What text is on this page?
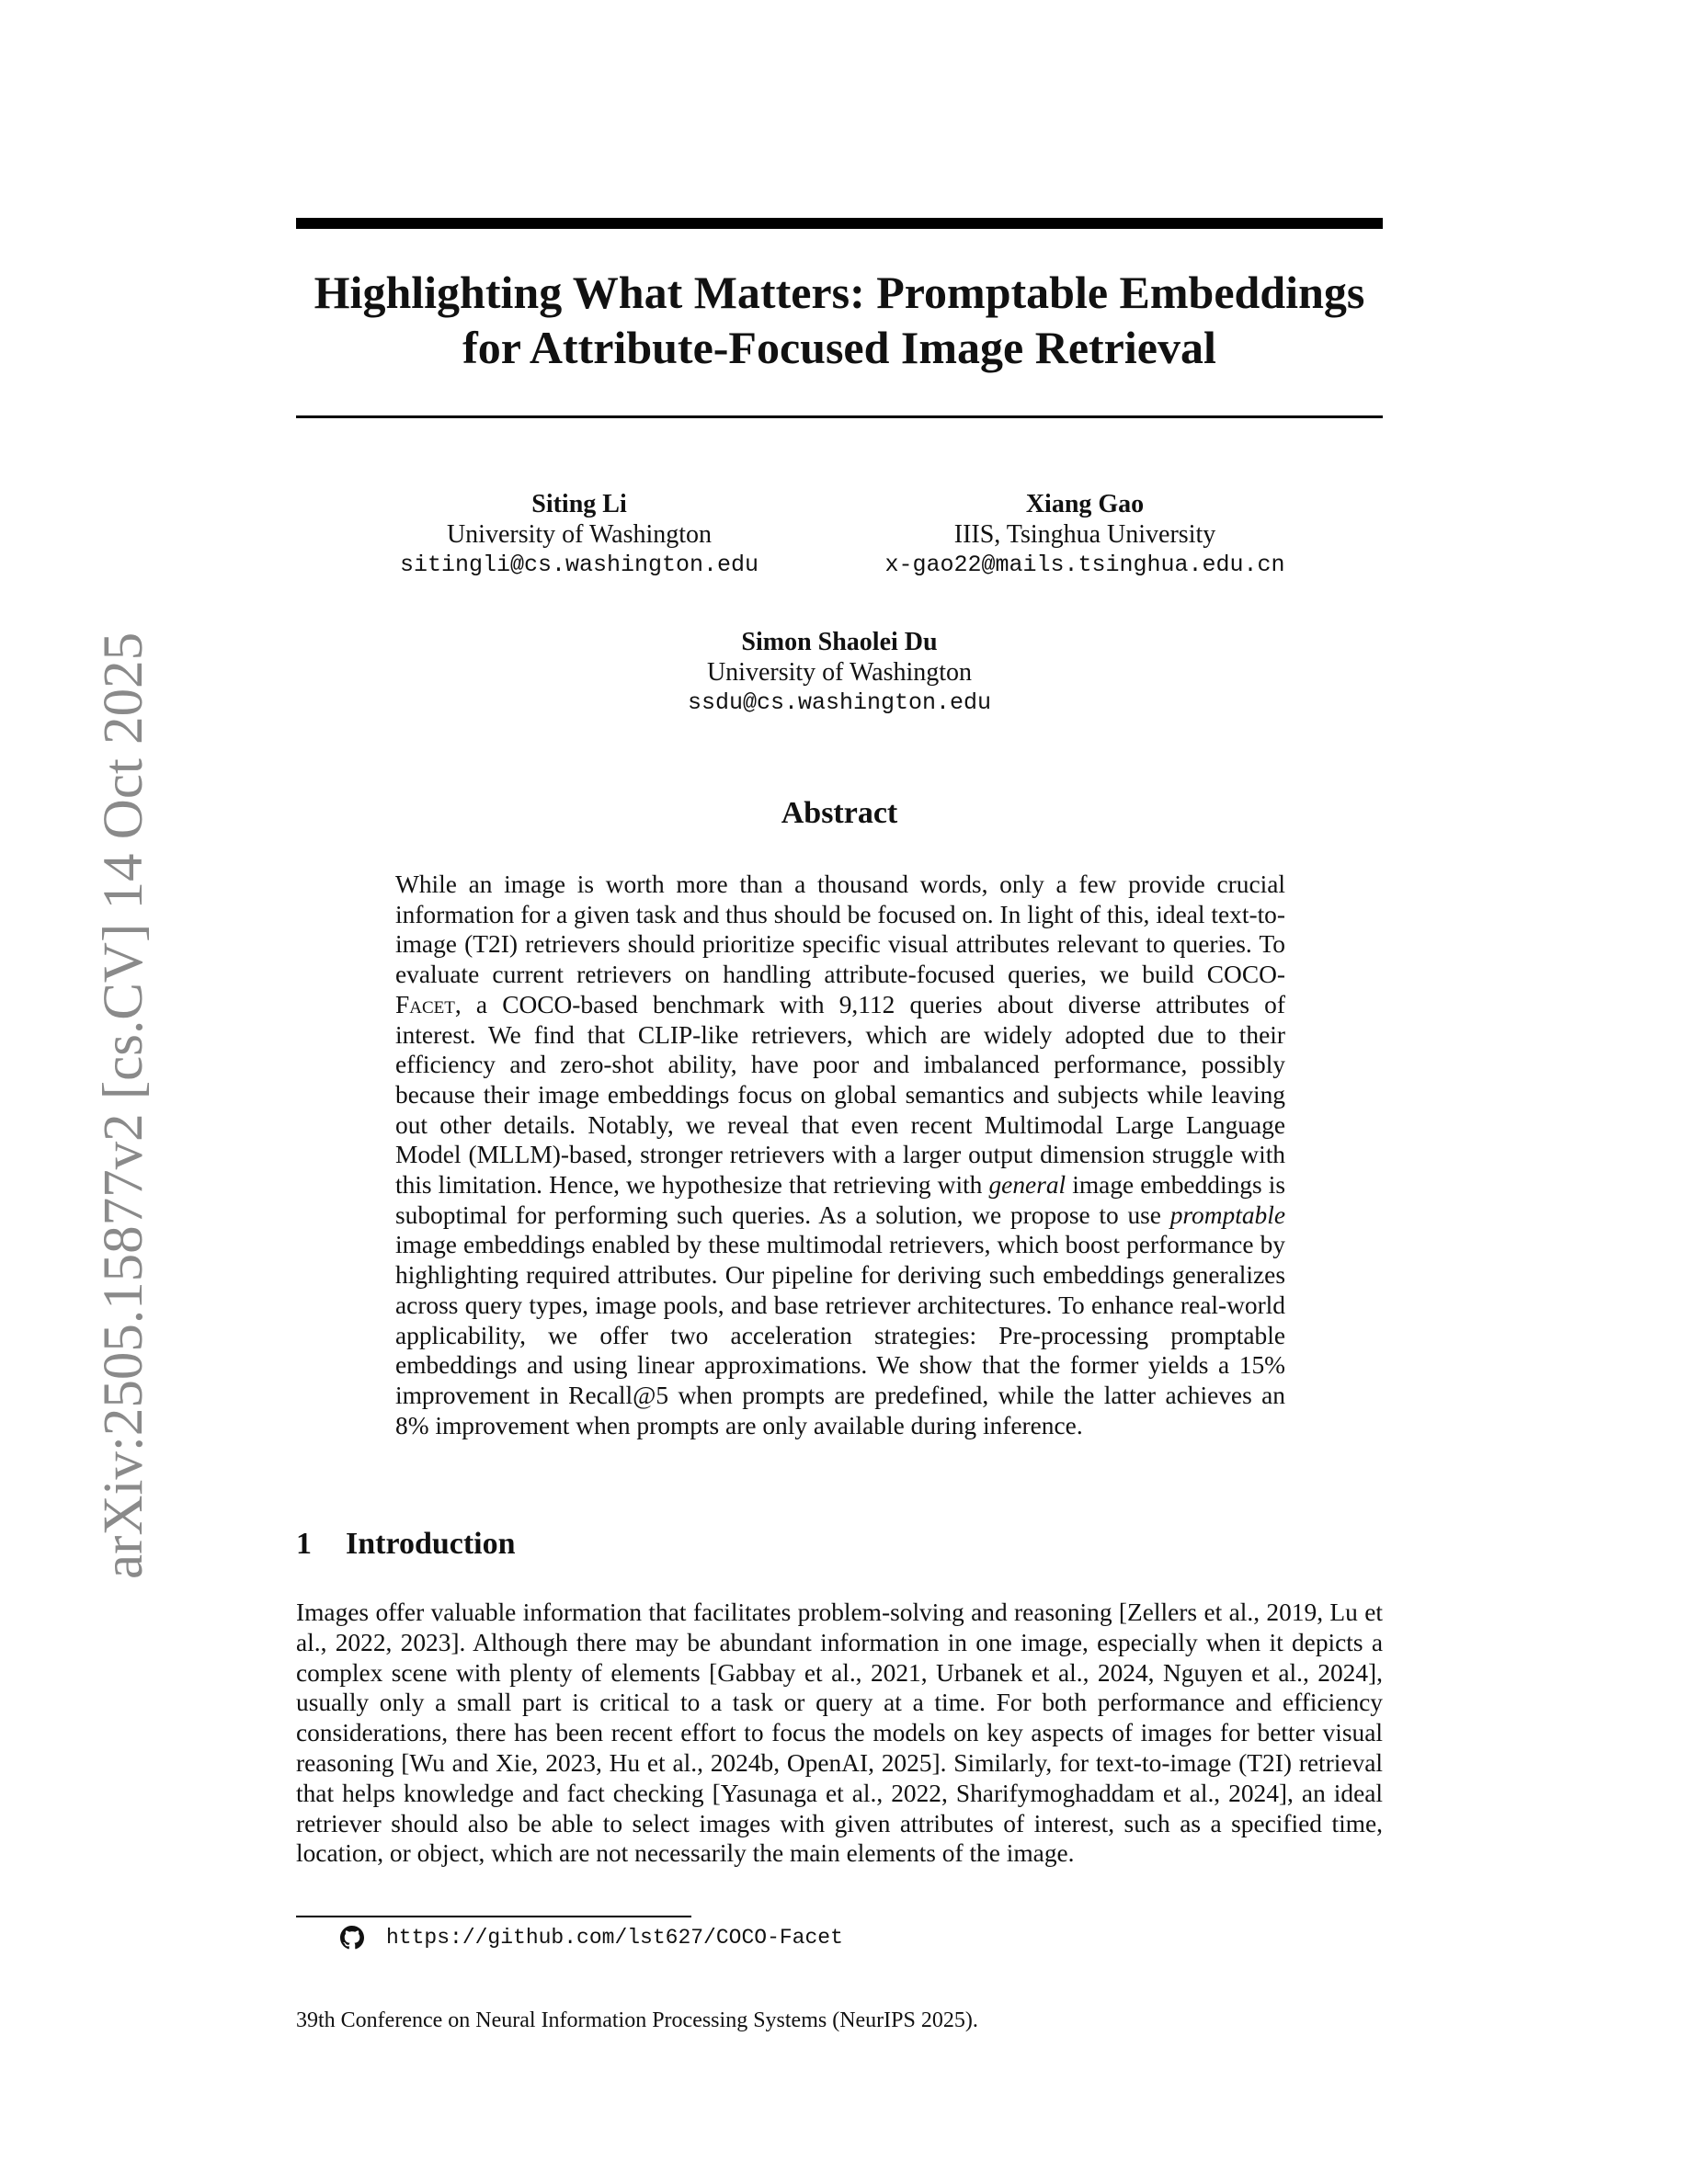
arXiv:2505.15877v2 [cs.CV] 14 Oct 2025
Highlighting What Matters: Promptable Embeddings
for Attribute-Focused Image Retrieval
Siting Li
University of Washington
sitingli@cs.washington.edu
Xiang Gao
IIIS, Tsinghua University
x-gao22@mails.tsinghua.edu.cn
Simon Shaolei Du
University of Washington
ssdu@cs.washington.edu
Abstract
While an image is worth more than a thousand words, only a few provide crucial information for a given task and thus should be focused on. In light of this, ideal text-to-image (T2I) retrievers should prioritize specific visual attributes relevant to queries. To evaluate current retrievers on handling attribute-focused queries, we build COCO-Facet, a COCO-based benchmark with 9,112 queries about diverse attributes of interest. We find that CLIP-like retrievers, which are widely adopted due to their efficiency and zero-shot ability, have poor and imbalanced performance, possibly because their image embeddings focus on global semantics and subjects while leaving out other details. Notably, we reveal that even recent Multimodal Large Language Model (MLLM)-based, stronger retrievers with a larger output dimension struggle with this limitation. Hence, we hypothesize that retrieving with general image embeddings is suboptimal for performing such queries. As a solution, we propose to use promptable image embeddings enabled by these multimodal retrievers, which boost performance by highlighting required attributes. Our pipeline for deriving such embeddings generalizes across query types, image pools, and base retriever architectures. To enhance real-world applicability, we offer two acceleration strategies: Pre-processing promptable embeddings and using linear approximations. We show that the former yields a 15% improvement in Recall@5 when prompts are predefined, while the latter achieves an 8% improvement when prompts are only available during inference.
1 Introduction
Images offer valuable information that facilitates problem-solving and reasoning [Zellers et al., 2019, Lu et al., 2022, 2023]. Although there may be abundant information in one image, especially when it depicts a complex scene with plenty of elements [Gabbay et al., 2021, Urbanek et al., 2024, Nguyen et al., 2024], usually only a small part is critical to a task or query at a time. For both performance and efficiency considerations, there has been recent effort to focus the models on key aspects of images for better visual reasoning [Wu and Xie, 2023, Hu et al., 2024b, OpenAI, 2025]. Similarly, for text-to-image (T2I) retrieval that helps knowledge and fact checking [Yasunaga et al., 2022, Sharifymoghaddam et al., 2024], an ideal retriever should also be able to select images with given attributes of interest, such as a specified time, location, or object, which are not necessarily the main elements of the image.
https://github.com/lst627/COCO-Facet
39th Conference on Neural Information Processing Systems (NeurIPS 2025).
